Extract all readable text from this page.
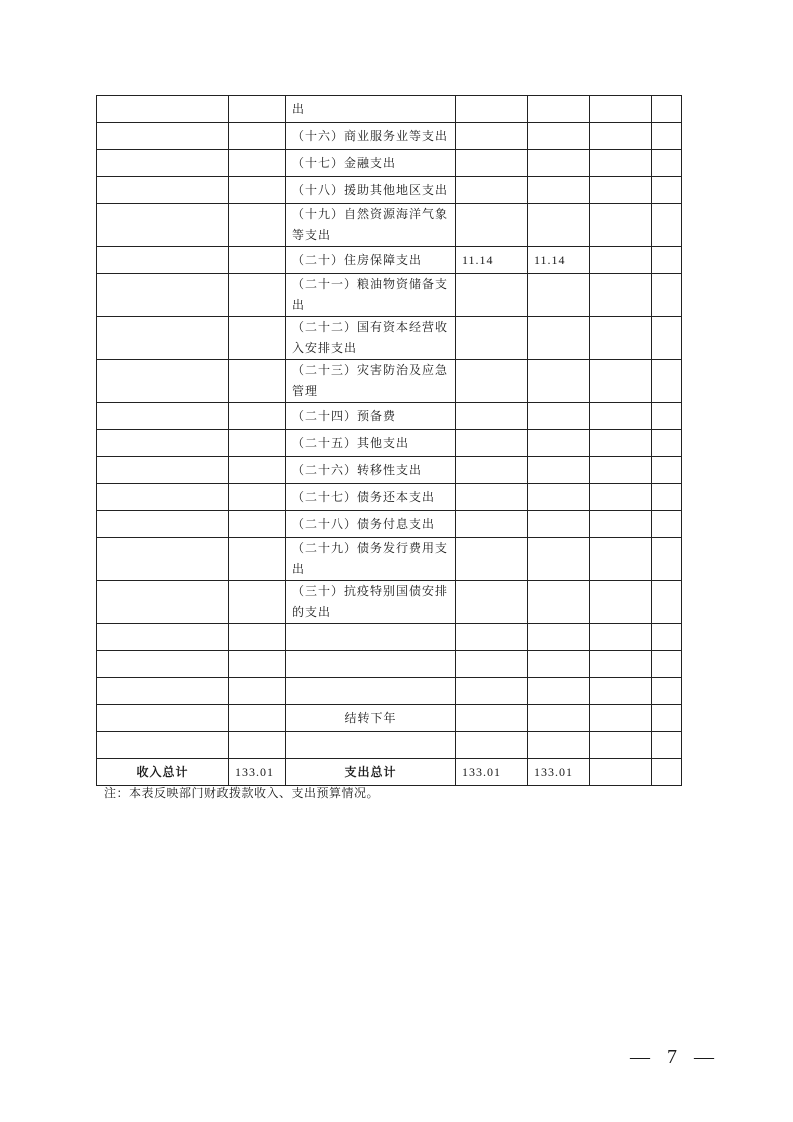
		出				
		（十六）商业服务业等支出				
		（十七）金融支出				
		（十八）援助其他地区支出				
		（十九）自然资源海洋气象等支出				
		（二十）住房保障支出	11.14	11.14		
		（二十一）粮油物资储备支出				
		（二十二）国有资本经营收入安排支出				
		（二十三）灾害防治及应急管理				
		（二十四）预备费				
		（二十五）其他支出				
		（二十六）转移性支出				
		（二十七）债务还本支出				
		（二十八）债务付息支出				
		（二十九）债务发行费用支出				
		（三十）抗疫特别国债安排的支出				

		结转下年				

收入总计	133.01	支出总计	133.01	133.01		
注：本表反映部门财政拨款收入、支出预算情况。
— 7 —
